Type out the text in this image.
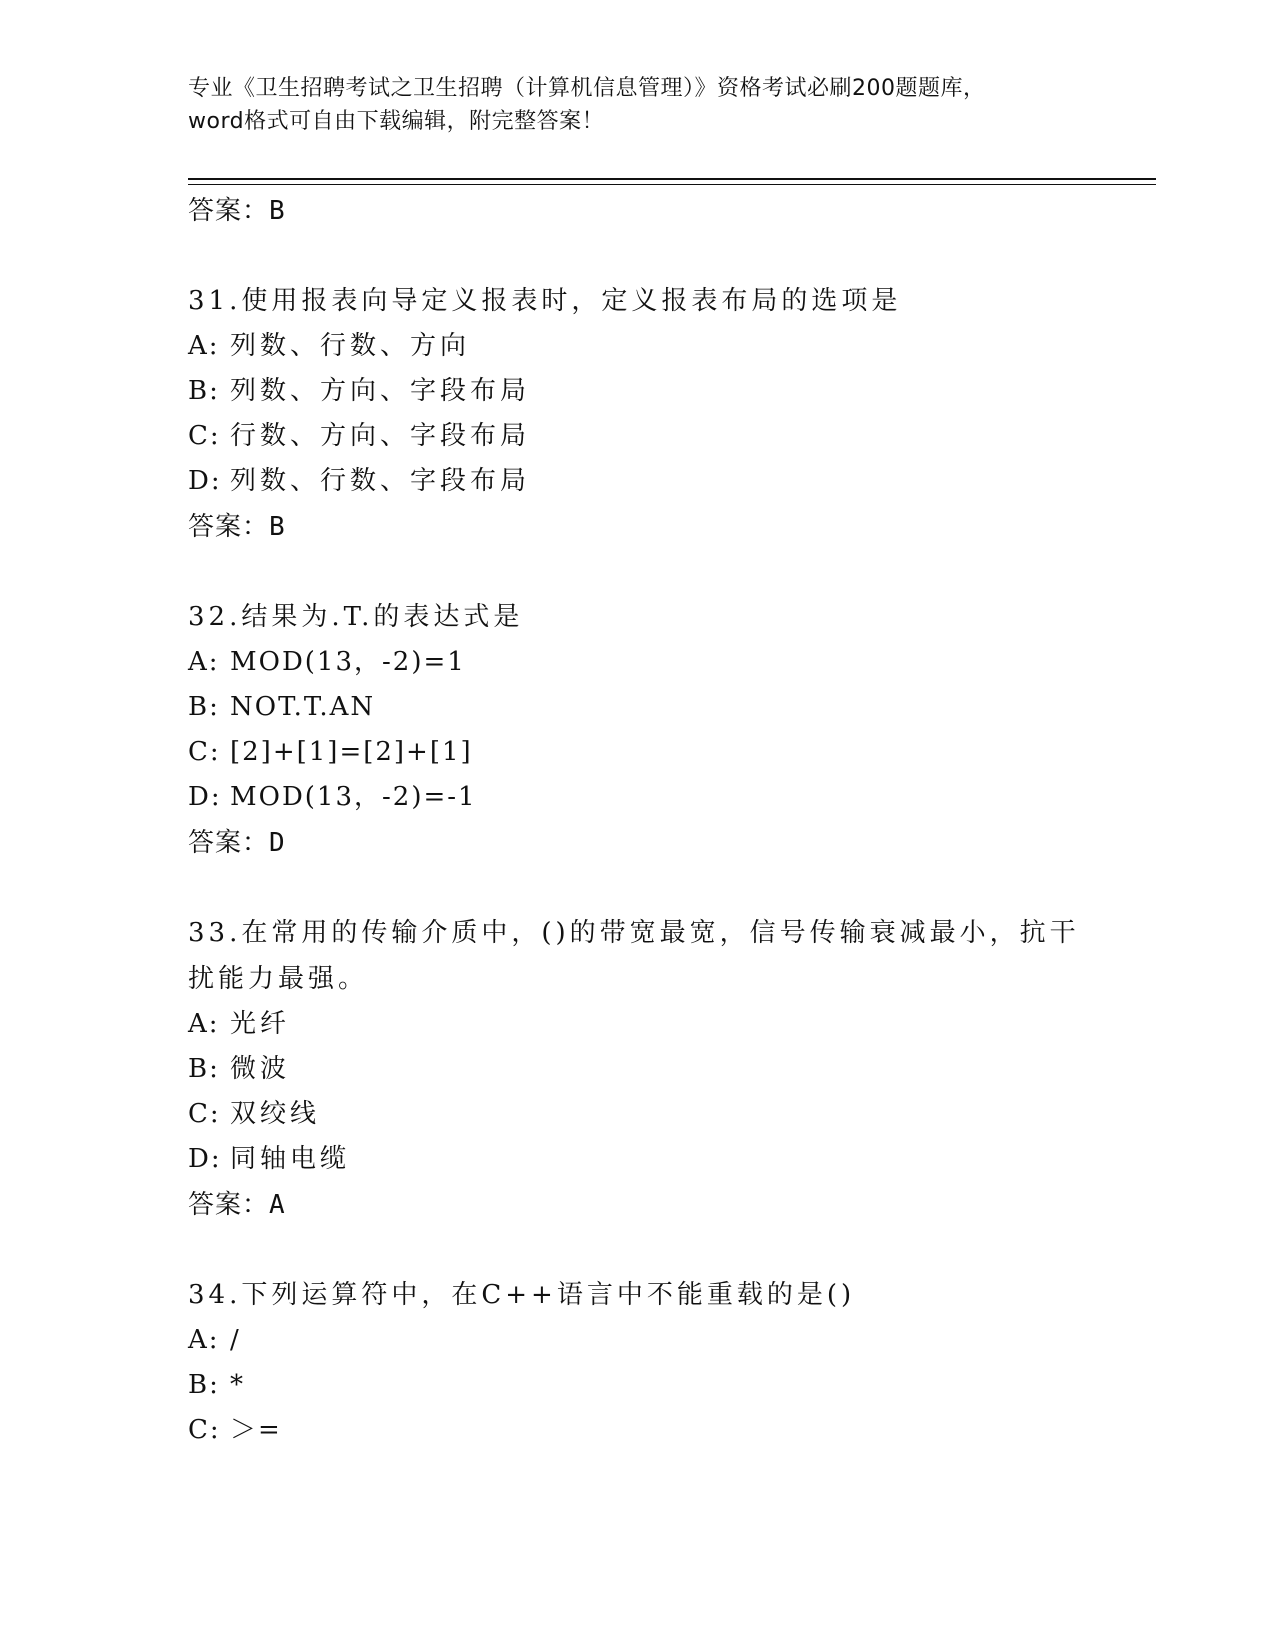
专业《卫生招聘考试之卫生招聘（计算机信息管理）》资格考试必刷200题题库，
word格式可自由下载编辑，附完整答案！
答案：B
31.使用报表向导定义报表时，定义报表布局的选项是
A: 列数、行数、方向
B: 列数、方向、字段布局
C: 行数、方向、字段布局
D: 列数、行数、字段布局
答案：B
32.结果为.T.的表达式是
A: MOD(13，-2)=1
B: NOT.T.AN
C: [2]+[1]=[2]+[1]
D: MOD(13，-2)=-1
答案：D
33.在常用的传输介质中，()的带宽最宽，信号传输衰减最小，抗干扰能力最强。
A: 光纤
B: 微波
C: 双绞线
D: 同轴电缆
答案：A
34.下列运算符中，在C++语言中不能重载的是()
A: /
B: *
C: ＞=
